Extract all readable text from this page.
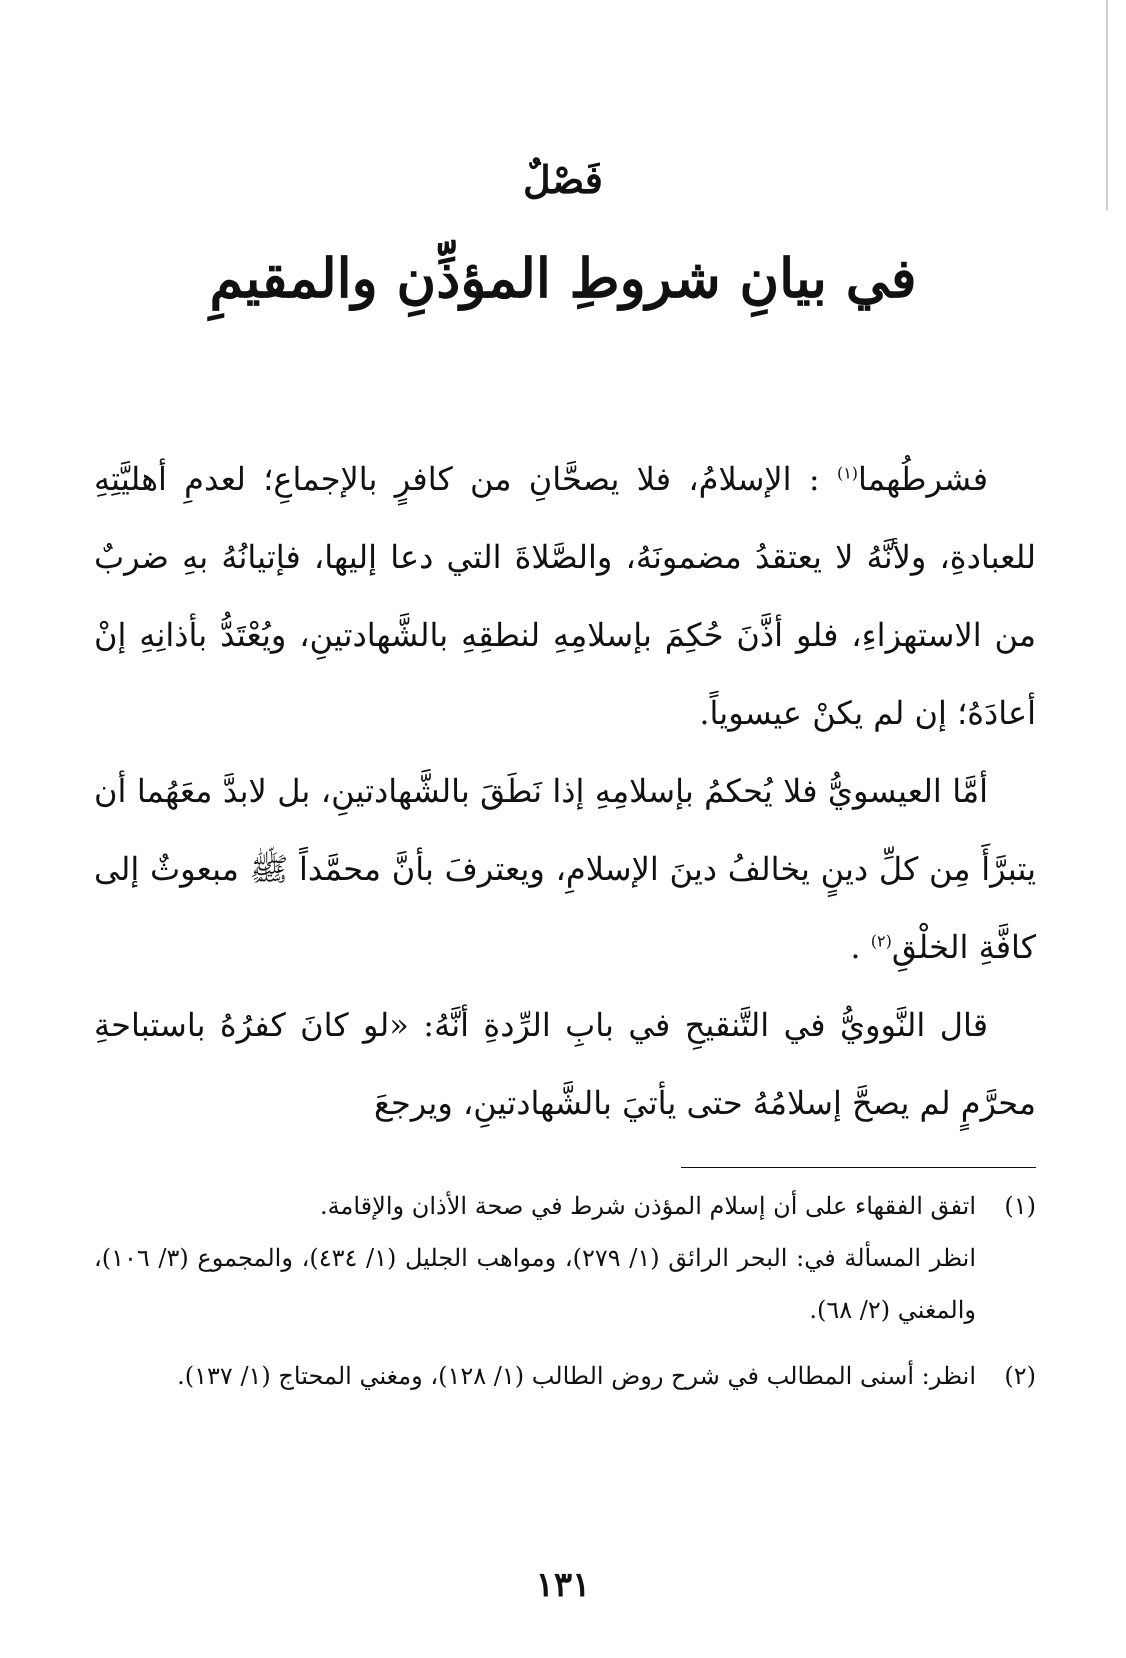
فَصْلٌ
في بيانِ شروطِ المؤذِّنِ والمقيمِ

فشرطُهما$^{(١)}$ : الإسلامُ، فلا يصحَّانِ من كافرٍ بالإجماعِ؛ لعدمِ أهليَّتِهِ للعبادةِ، ولأنَّهُ لا يعتقدُ مضمونَهُ، والصَّلاةَ التي دعا إليها، فإتيانُهُ بهِ ضربٌ من الاستهزاءِ، فلو أذَّنَ حُكِمَ بإسلامِهِ لنطقِهِ بالشَّهادتينِ، ويُعْتَدُّ بأذانِهِ إنْ أعادَهُ؛ إن لم يكنْ عيسوياً.

أمَّا العيسويُّ فلا يُحكمُ بإسلامِهِ إذا نَطَقَ بالشَّهادتينِ، بل لابدَّ معَهُما أن يتبرَّأَ مِن كلِّ دينٍ يخالفُ دينَ الإسلامِ، ويعترفَ بأنَّ محمَّداً ﷺ مبعوثٌ إلى كافَّةِ الخلْقِ$^{(٢)}$ .

قال النَّوويُّ في التَّنقيحِ في بابِ الرِّدةِ أنَّهُ: «لو كانَ كفرُهُ باستباحةِ محرَّمٍ لم يصحَّ إسلامُهُ حتى يأتيَ بالشَّهادتينِ، ويرجعَ

(١)
اتفق الفقهاء على أن إسلام المؤذن شرط في صحة الأذان والإقامة.
انظر المسألة في: البحر الرائق (١/ ٢٧٩)، ومواهب الجليل (١/ ٤٣٤)، والمجموع (٣/ ١٠٦)، والمغني (٢/ ٦٨).
(٢)
انظر: أسنى المطالب في شرح روض الطالب (١/ ١٢٨)، ومغني المحتاج (١/ ١٣٧).
١٣١
